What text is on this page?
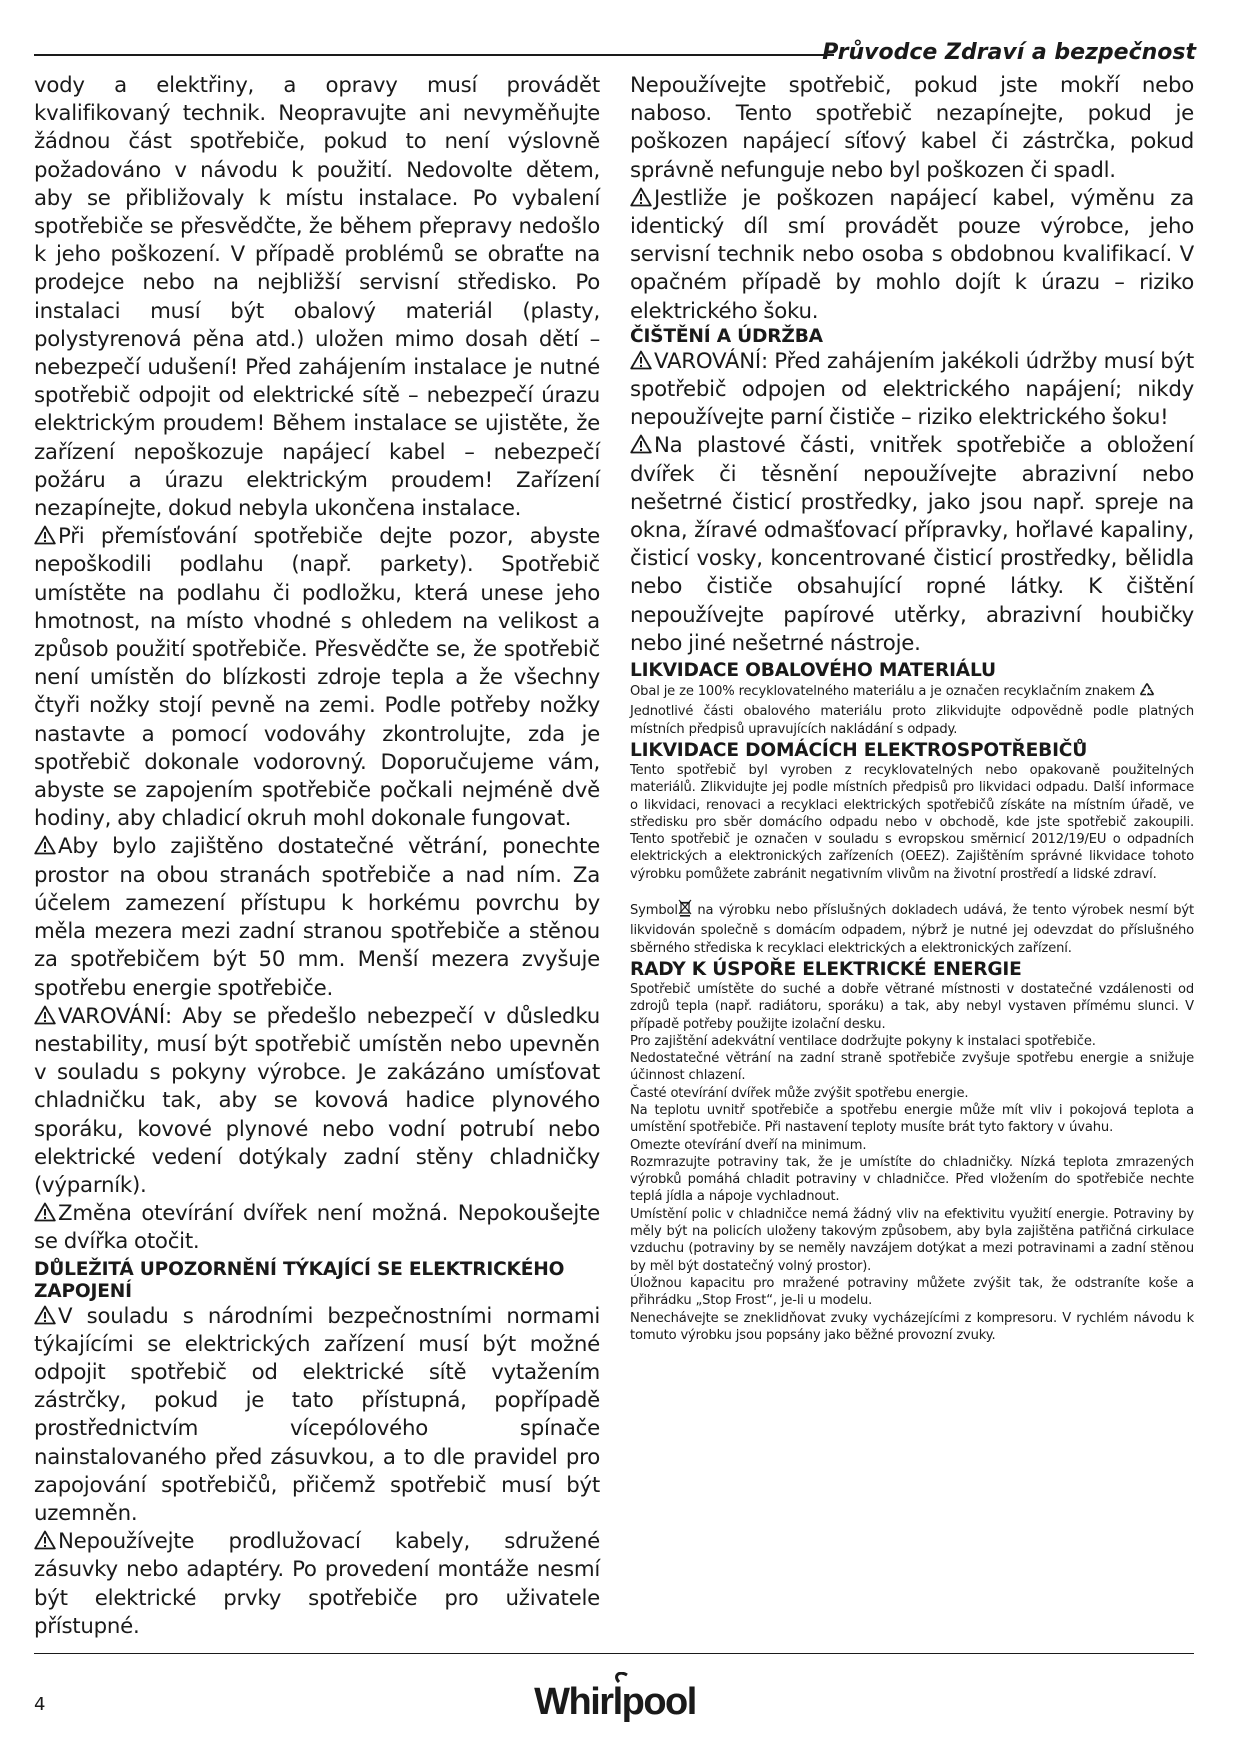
Průvodce Zdraví a bezpečnost

vody a elektřiny, a opravy musí provádět kvalifikovaný technik. Neopravujte ani nevyměňujte žádnou část spotřebiče, pokud to není výslovně požadováno v návodu k použití. Nedovolte dětem, aby se přibližovaly k místu instalace. Po vybalení spotřebiče se přesvědčte, že během přepravy nedošlo k jeho poškození. V případě problémů se obraťte na prodejce nebo na nejbližší servisní středisko. Po instalaci musí být obalový materiál (plasty, polystyrenová pěna atd.) uložen mimo dosah dětí – nebezpečí udušení! Před zahájením instalace je nutné spotřebič odpojit od elektrické sítě – nebezpečí úrazu elektrickým proudem! Během instalace se ujistěte, že zařízení nepoškozuje napájecí kabel – nebezpečí požáru a úrazu elektrickým proudem! Zařízení nezapínejte, dokud nebyla ukončena instalace.

Při přemísťování spotřebiče dejte pozor, abyste nepoškodili podlahu (např. parkety). Spotřebič umístěte na podlahu či podložku, která unese jeho hmotnost, na místo vhodné s ohledem na velikost a způsob použití spotřebiče. Přesvědčte se, že spotřebič není umístěn do blízkosti zdroje tepla a že všechny čtyři nožky stojí pevně na zemi. Podle potřeby nožky nastavte a pomocí vodováhy zkontrolujte, zda je spotřebič dokonale vodorovný. Doporučujeme vám, abyste se zapojením spotřebiče počkali nejméně dvě hodiny, aby chladicí okruh mohl dokonale fungovat.

Aby bylo zajištěno dostatečné větrání, ponechte prostor na obou stranách spotřebiče a nad ním. Za účelem zamezení přístupu k horkému povrchu by měla mezera mezi zadní stranou spotřebiče a stěnou za spotřebičem být 50 mm. Menší mezera zvyšuje spotřebu energie spotřebiče.

VAROVÁNÍ: Aby se předešlo nebezpečí v důsledku nestability, musí být spotřebič umístěn nebo upevněn v souladu s pokyny výrobce. Je zakázáno umísťovat chladničku tak, aby se kovová hadice plynového sporáku, kovové plynové nebo vodní potrubí nebo elektrické vedení dotýkaly zadní stěny chladničky (výparník).

Změna otevírání dvířek není možná. Nepokoušejte se dvířka otočit.

DŮLEŽITÁ UPOZORNĚNÍ TÝKAJÍCÍ SE ELEKTRICKÉHO ZAPOJENÍ

V souladu s národními bezpečnostními normami týkajícími se elektrických zařízení musí být možné odpojit spotřebič od elektrické sítě vytažením zástrčky, pokud je tato přístupná, popřípadě prostřednictvím vícepólového spínače nainstalovaného před zásuvkou, a to dle pravidel pro zapojování spotřebičů, přičemž spotřebič musí být uzemněn.

Nepoužívejte prodlužovací kabely, sdružené zásuvky nebo adaptéry. Po provedení montáže nesmí být elektrické prvky spotřebiče pro uživatele přístupné.

Nepoužívejte spotřebič, pokud jste mokří nebo naboso. Tento spotřebič nezapínejte, pokud je poškozen napájecí síťový kabel či zástrčka, pokud správně nefunguje nebo byl poškozen či spadl.

Jestliže je poškozen napájecí kabel, výměnu za identický díl smí provádět pouze výrobce, jeho servisní technik nebo osoba s obdobnou kvalifikací. V opačném případě by mohlo dojít k úrazu – riziko elektrického šoku.

ČIŠTĚNÍ A ÚDRŽBA

VAROVÁNÍ: Před zahájením jakékoli údržby musí být spotřebič odpojen od elektrického napájení; nikdy nepoužívejte parní čističe – riziko elektrického šoku!

Na plastové části, vnitřek spotřebiče a obložení dvířek či těsnění nepoužívejte abrazivní nebo nešetrné čisticí prostředky, jako jsou např. spreje na okna, žíravé odmašťovací přípravky, hořlavé kapaliny, čisticí vosky, koncentrované čisticí prostředky, bělidla nebo čističe obsahující ropné látky. K čištění nepoužívejte papírové utěrky, abrazivní houbičky nebo jiné nešetrné nástroje.

LIKVIDACE OBALOVÉHO MATERIÁLU

Obal je ze 100% recyklovatelného materiálu a je označen recyklačním znakem

Jednotlivé části obalového materiálu proto zlikvidujte odpovědně podle platných místních předpisů upravujících nakládání s odpady.

LIKVIDACE DOMÁCÍCH ELEKTROSPOTŘEBIČŮ

Tento spotřebič byl vyroben z recyklovatelných nebo opakovaně použitelných materiálů. Zlikvidujte jej podle místních předpisů pro likvidaci odpadu. Další informace o likvidaci, renovaci a recyklaci elektrických spotřebičů získáte na místním úřadě, ve středisku pro sběr domácího odpadu nebo v obchodě, kde jste spotřebič zakoupili. Tento spotřebič je označen v souladu s evropskou směrnicí 2012/19/EU o odpadních elektrických a elektronických zařízeních (OEEZ). Zajištěním správné likvidace tohoto výrobku pomůžete zabránit negativním vlivům na životní prostředí a lidské zdraví.

Symbol na výrobku nebo příslušných dokladech udává, že tento výrobek nesmí být likvidován společně s domácím odpadem, nýbrž je nutné jej odevzdat do příslušného sběrného střediska k recyklaci elektrických a elektronických zařízení.

RADY K ÚSPOŘE ELEKTRICKÉ ENERGIE

Spotřebič umístěte do suché a dobře větrané místnosti v dostatečné vzdálenosti od zdrojů tepla (např. radiátoru, sporáku) a tak, aby nebyl vystaven přímému slunci. V případě potřeby použijte izolační desku.

Pro zajištění adekvátní ventilace dodržujte pokyny k instalaci spotřebiče.

Nedostatečné větrání na zadní straně spotřebiče zvyšuje spotřebu energie a snižuje účinnost chlazení.

Časté otevírání dvířek může zvýšit spotřebu energie.

Na teplotu uvnitř spotřebiče a spotřebu energie může mít vliv i pokojová teplota a umístění spotřebiče. Při nastavení teploty musíte brát tyto faktory v úvahu.

Omezte otevírání dveří na minimum.

Rozmrazujte potraviny tak, že je umístíte do chladničky. Nízká teplota zmrazených výrobků pomáhá chladit potraviny v chladničce. Před vložením do spotřebiče nechte teplá jídla a nápoje vychladnout.

Umístění polic v chladničce nemá žádný vliv na efektivitu využití energie. Potraviny by měly být na policích uloženy takovým způsobem, aby byla zajištěna patřičná cirkulace vzduchu (potraviny by se neměly navzájem dotýkat a mezi potravinami a zadní stěnou by měl být dostatečný volný prostor).

Úložnou kapacitu pro mražené potraviny můžete zvýšit tak, že odstraníte koše a přihrádku „Stop Frost“, je-li u modelu.

Nenechávejte se zneklidňovat zvuky vycházejícími z kompresoru. V rychlém návodu k tomuto výrobku jsou popsány jako běžné provozní zvuky.

4	Whirlpool
